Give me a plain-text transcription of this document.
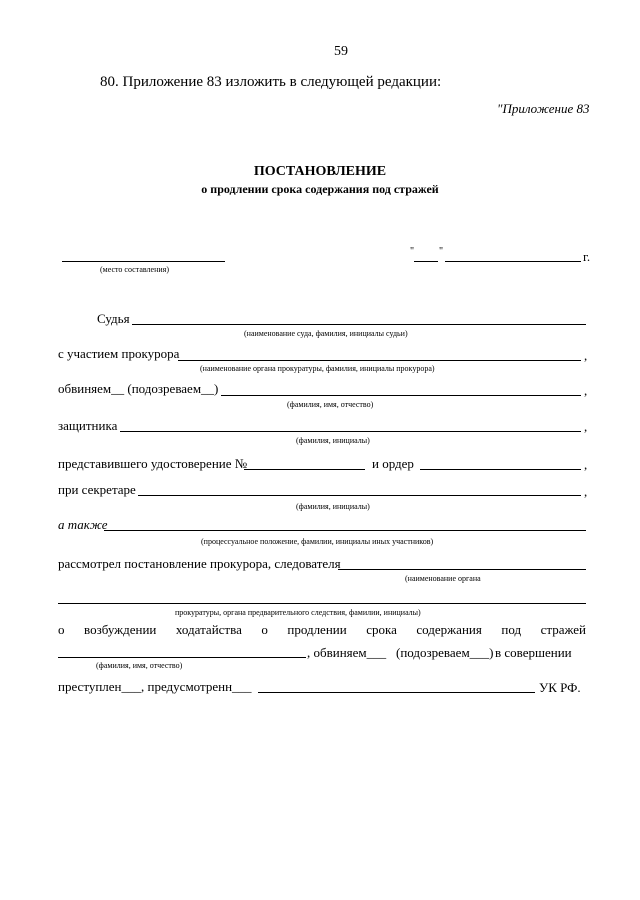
59
80. Приложение 83 изложить в следующей редакции:
"Приложение 83
ПОСТАНОВЛЕНИЕ
о продлении срока содержания под стражей
(место составления)
" "	г.
Судья
(наименование суда, фамилия, инициалы судьи)
с участием прокурора	,
(наименование органа прокуратуры, фамилия, инициалы прокурора)
обвиняем__ (подозреваем__)	,
(фамилия, имя, отчество)
защитника	,
(фамилия, инициалы)
представившего удостоверение №	и ордер	,
при секретаре	,
(фамилия, инициалы)
а также
(процессуальное положение, фамилии, инициалы иных участников)
рассмотрел постановление прокурора, следователя
(наименование органа
прокуратуры, органа предварительного следствия, фамилии, инициалы)
о возбуждении ходатайства о продлении срока содержания под стражей
, обвиняем___ (подозреваем___) в совершении
(фамилия, имя, отчество)
преступлен___, предусмотренн___	УК РФ.
